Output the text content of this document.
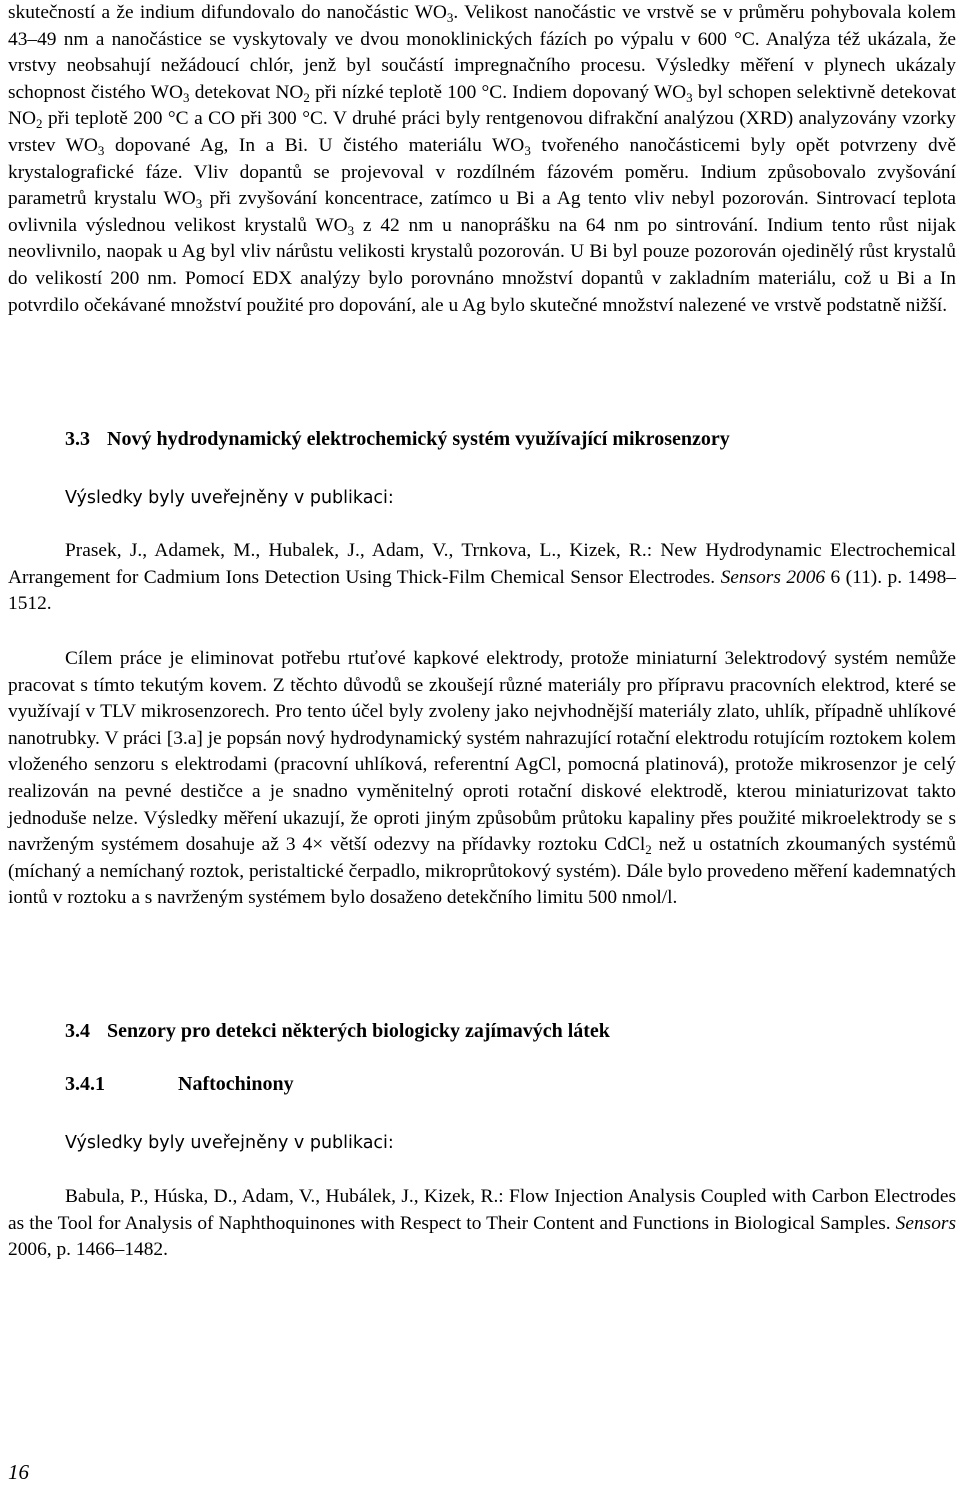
skutečností a že indium difundovalo do nanočástic $WO_3$. Velikost nanočástic ve vrstvě se v průměru pohybovala kolem 43–49 nm a nanočástice se vyskytovaly ve dvou monoklinických fázích po výpalu v 600 °C. Analýza též ukázala, že vrstvy neobsahují nežádoucí chlór, jenž byl součástí impregnačního procesu. Výsledky měření v plynech ukázaly schopnost čistého $WO_3$ detekovat $NO_2$ při nízké teplotě 100 °C. Indiem dopovaný $WO_3$ byl schopen selektivně detekovat $NO_2$ při teplotě 200 °C a CO při 300 °C. V druhé práci byly rentgenovou difrakční analýzou (XRD) analyzovány vzorky vrstev $WO_3$ dopované Ag, In a Bi. U čistého materiálu $WO_3$ tvořeného nanočásticemi byly opět potvrzeny dvě krystalografické fáze. Vliv dopantů se projevoval v rozdílném fázovém poměru. Indium způsobovalo zvyšování parametrů krystalu $WO_3$ při zvyšování koncentrace, zatímco u Bi a Ag tento vliv nebyl pozorován. Sintrovací teplota ovlivnila výslednou velikost krystalů $WO_3$ z 42 nm u nanoprášku na 64 nm po sintrování. Indium tento růst nijak neovlivnilo, naopak u Ag byl vliv nárůstu velikosti krystalů pozorován. U Bi byl pouze pozorován ojedinělý růst krystalů do velikostí 200 nm. Pomocí EDX analýzy bylo porovnáno množství dopantů v zakladním materiálu, což u Bi a In potvrdilo očekávané množství použité pro dopování, ale u Ag bylo skutečné množství nalezené ve vrstvě podstatně nižší.

3.3 Nový hydrodynamický elektrochemický systém využívající mikrosenzory

Výsledky byly uveřejněny v publikaci:

Prasek, J., Adamek, M., Hubalek, J., Adam, V., Trnkova, L., Kizek, R.: New Hydrodynamic Electrochemical Arrangement for Cadmium Ions Detection Using Thick-Film Chemical Sensor Electrodes. Sensors 2006 6 (11). p. 1498–1512.

Cílem práce je eliminovat potřebu rtuťové kapkové elektrody, protože miniaturní 3elektrodový systém nemůže pracovat s tímto tekutým kovem. Z těchto důvodů se zkoušejí různé materiály pro přípravu pracovních elektrod, které se využívají v TLV mikrosenzorech. Pro tento účel byly zvoleny jako nejvhodnější materiály zlato, uhlík, případně uhlíkové nanotrubky. V práci [3.a] je popsán nový hydrodynamický systém nahrazující rotační elektrodu rotujícím roztokem kolem vloženého senzoru s elektrodami (pracovní uhlíková, referentní AgCl, pomocná platinová), protože mikrosenzor je celý realizován na pevné destičce a je snadno vyměnitelný oproti rotační diskové elektrodě, kterou miniaturizovat takto jednoduše nelze. Výsledky měření ukazují, že oproti jiným způsobům průtoku kapaliny přes použité mikroelektrody se s navrženým systémem dosahuje až 3 4× větší odezvy na přídavky roztoku CdCl$_2$ než u ostatních zkoumaných systémů (míchaný a nemíchaný roztok, peristaltické čerpadlo, mikroprůtokový systém). Dále bylo provedeno měření kademnatých iontů v roztoku a s navrženým systémem bylo dosaženo detekčního limitu 500 nmol/l.

3.4 Senzory pro detekci některých biologicky zajímavých látek
3.4.1	Naftochinony

Výsledky byly uveřejněny v publikaci:

Babula, P., Húska, D., Adam, V., Hubálek, J., Kizek, R.: Flow Injection Analysis Coupled with Carbon Electrodes as the Tool for Analysis of Naphthoquinones with Respect to Their Content and Functions in Biological Samples. Sensors 2006, p. 1466–1482.

16
